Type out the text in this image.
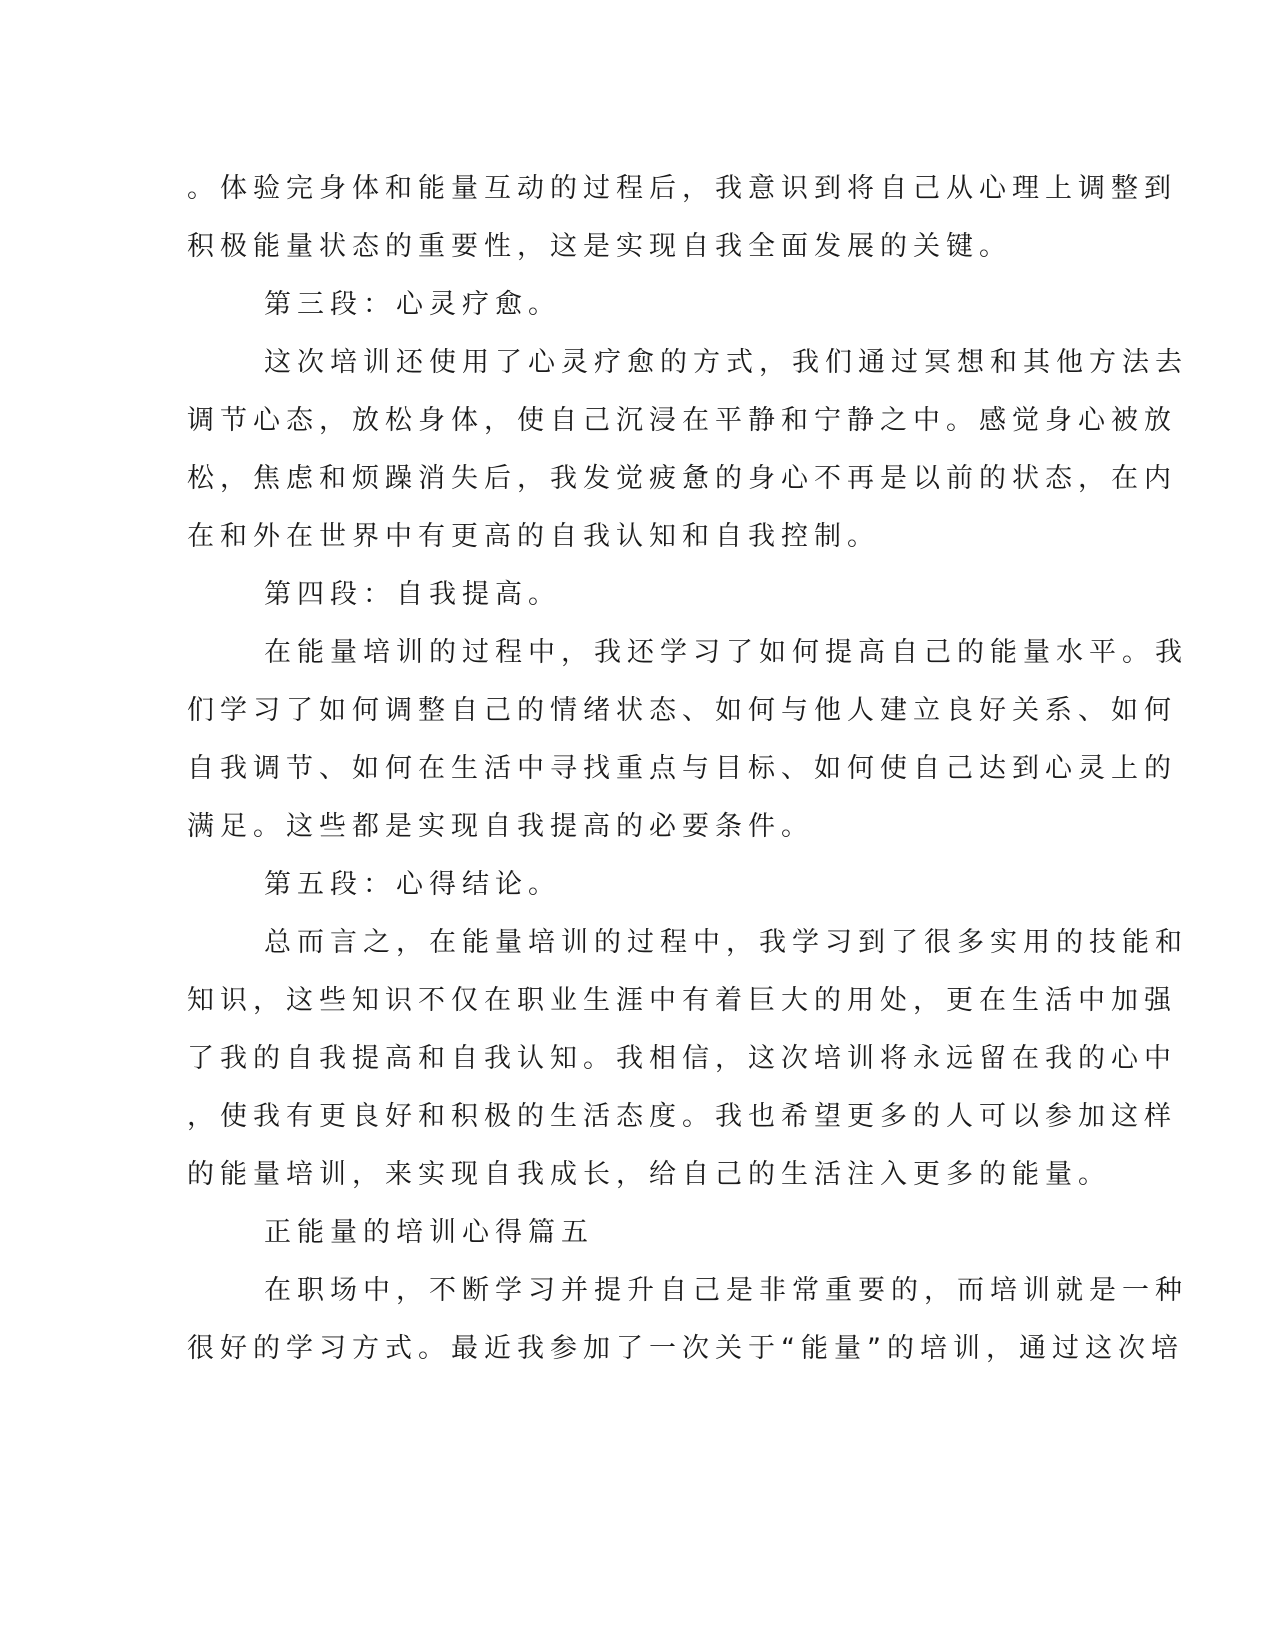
。体验完身体和能量互动的过程后，我意识到将自己从心理上调整到
积极能量状态的重要性，这是实现自我全面发展的关键。
第三段：心灵疗愈。
这次培训还使用了心灵疗愈的方式，我们通过冥想和其他方法去
调节心态，放松身体，使自己沉浸在平静和宁静之中。感觉身心被放
松，焦虑和烦躁消失后，我发觉疲惫的身心不再是以前的状态，在内
在和外在世界中有更高的自我认知和自我控制。
第四段：自我提高。
在能量培训的过程中，我还学习了如何提高自己的能量水平。我
们学习了如何调整自己的情绪状态、如何与他人建立良好关系、如何
自我调节、如何在生活中寻找重点与目标、如何使自己达到心灵上的
满足。这些都是实现自我提高的必要条件。
第五段：心得结论。
总而言之，在能量培训的过程中，我学习到了很多实用的技能和
知识，这些知识不仅在职业生涯中有着巨大的用处，更在生活中加强
了我的自我提高和自我认知。我相信，这次培训将永远留在我的心中
，使我有更良好和积极的生活态度。我也希望更多的人可以参加这样
的能量培训，来实现自我成长，给自己的生活注入更多的能量。
正能量的培训心得篇五
在职场中，不断学习并提升自己是非常重要的，而培训就是一种
很好的学习方式。最近我参加了一次关于“能量”的培训，通过这次培
